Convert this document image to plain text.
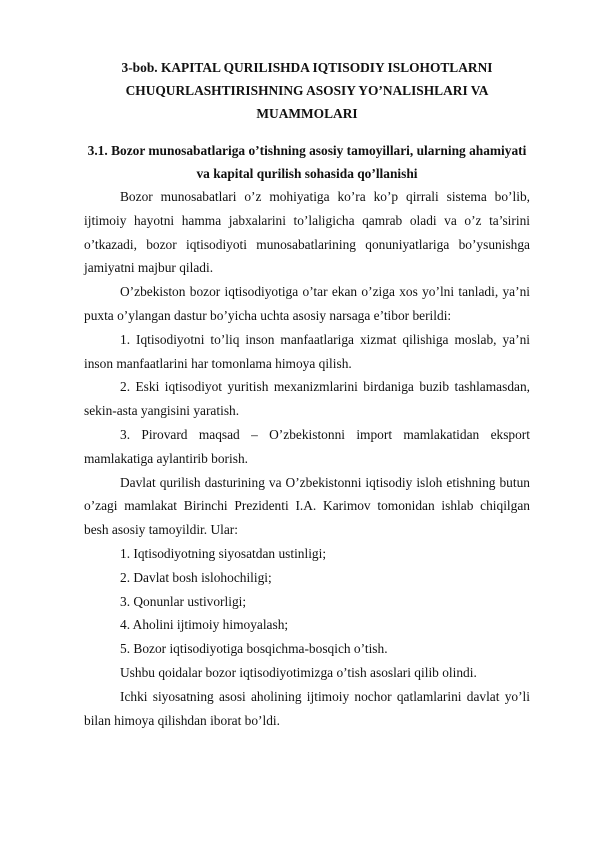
3-bob. KAPITAL QURILISHDA IQTISODIY ISLOHOTLARNI
CHUQURLASHTIRISHNING ASOSIY YO’NALISHLARI VA
MUAMMOLARI
3.1. Bozor munosabatlariga o’tishning asosiy tamoyillari, ularning ahamiyati
va kapital qurilish sohasida qo’llanishi

Bozor munosabatlari o’z mohiyatiga ko’ra ko’p qirrali sistema bo’lib, ijtimoiy hayotni hamma jabxalarini to’laligicha qamrab oladi va o’z ta’sirini o’tkazadi, bozor iqtisodiyoti munosabatlarining qonuniyatlariga bo’ysunishga jamiyatni majbur qiladi.

O’zbekiston bozor iqtisodiyotiga o’tar ekan o’ziga xos yo’lni tanladi, ya’ni puxta o’ylangan dastur bo’yicha uchta asosiy narsaga e’tibor berildi:

1. Iqtisodiyotni to’liq inson manfaatlariga xizmat qilishiga moslab, ya’ni inson manfaatlarini har tomonlama himoya qilish.

2. Eski iqtisodiyot yuritish mexanizmlarini birdaniga buzib tashlamasdan, sekin-asta yangisini yaratish.

3. Pirovard maqsad – O’zbekistonni import mamlakatidan eksport mamlakatiga aylantirib borish.

Davlat qurilish dasturining va O’zbekistonni iqtisodiy isloh etishning butun o’zagi mamlakat Birinchi Prezidenti I.A. Karimov tomonidan ishlab chiqilgan besh asosiy tamoyildir. Ular:

1. Iqtisodiyotning siyosatdan ustinligi;

2. Davlat bosh islohochiligi;

3. Qonunlar ustivorligi;

4. Aholini ijtimoiy himoyalash;

5. Bozor iqtisodiyotiga bosqichma-bosqich o’tish.

Ushbu qoidalar bozor iqtisodiyotimizga o’tish asoslari qilib olindi.

Ichki siyosatning asosi aholining ijtimoiy nochor qatlamlarini davlat yo’li bilan himoya qilishdan iborat bo’ldi.
